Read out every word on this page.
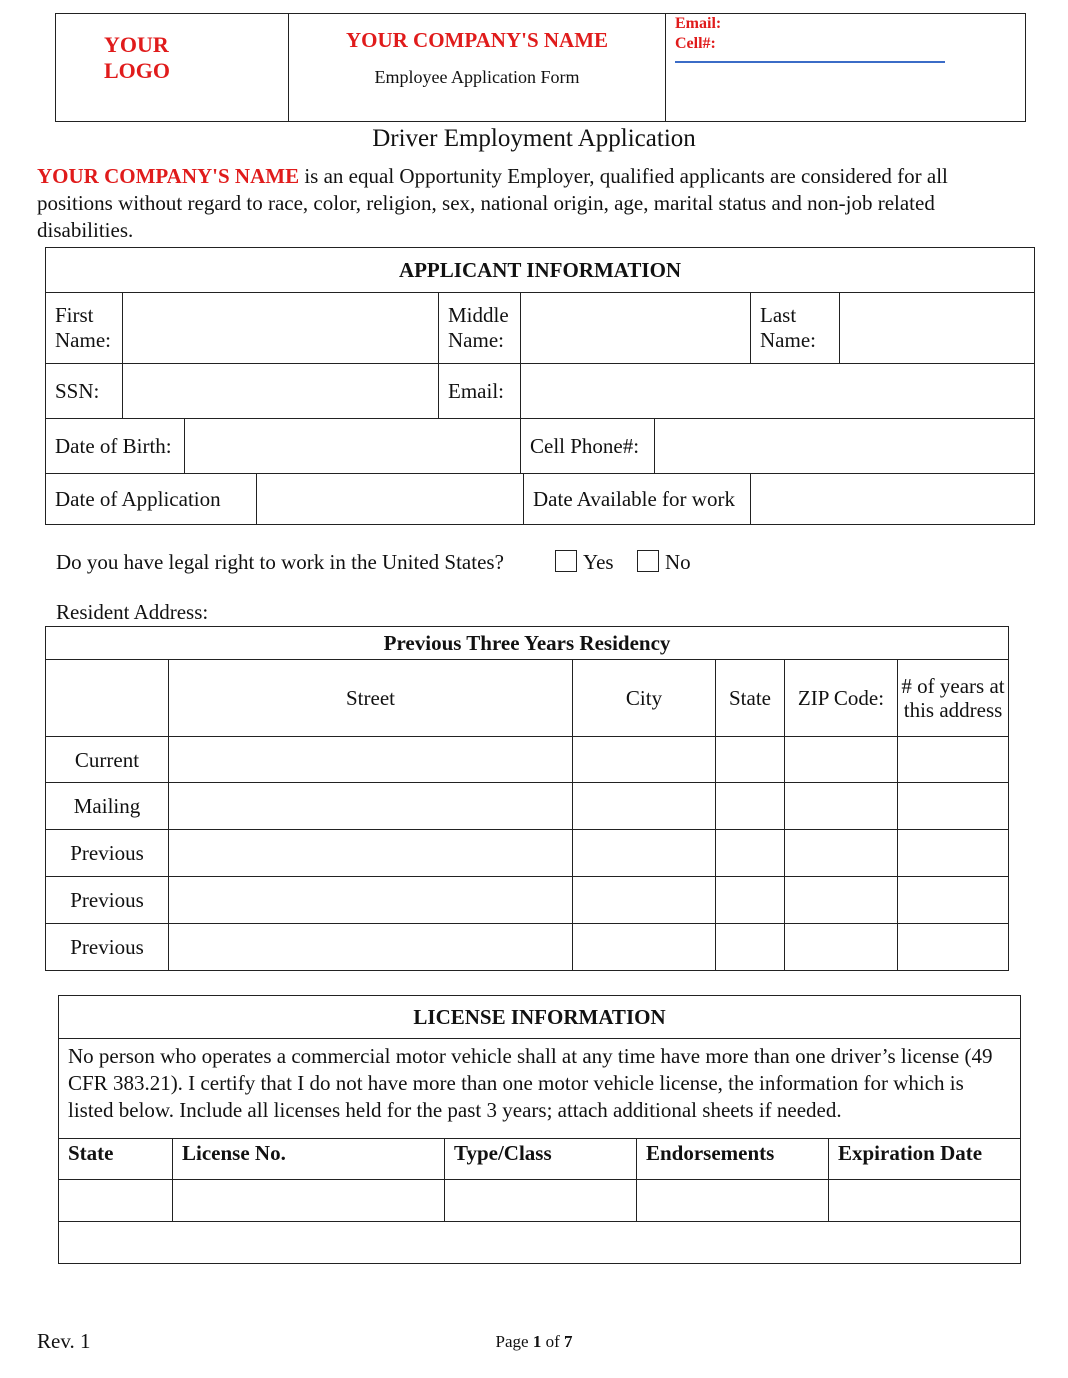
YOUR
LOGO

YOUR COMPANY'S NAME
Employee Application Form

Email:
Cell#:
Driver Employment Application
YOUR COMPANY'S NAME is an equal Opportunity Employer, qualified applicants are considered for all positions without regard to race, color, religion, sex, national origin, age, marital status and non-job related disabilities.
APPLICANT INFORMATION									
First Name:				Middle Name:				Last Name:	
SSN:				Email:					
Date of Birth:					Cell Phone#:				
Date of Application						Date Available for work			
Do you have legal right to work in the United States?	Yes	No
Resident Address:
Previous Three Years Residency					
	Street	City	State	ZIP Code:	# of years at this address
Current					
Mailing					
Previous					
Previous					
Previous					
LICENSE INFORMATION				
No person who operates a commercial motor vehicle shall at any time have more than one driver’s license (49 CFR 383.21). I certify that I do not have more than one motor vehicle license, the information for which is listed below. Include all licenses held for the past 3 years; attach additional sheets if needed.				
State	License No.	Type/Class	Endorsements	Expiration Date

Rev. 1	Page 1 of 7
